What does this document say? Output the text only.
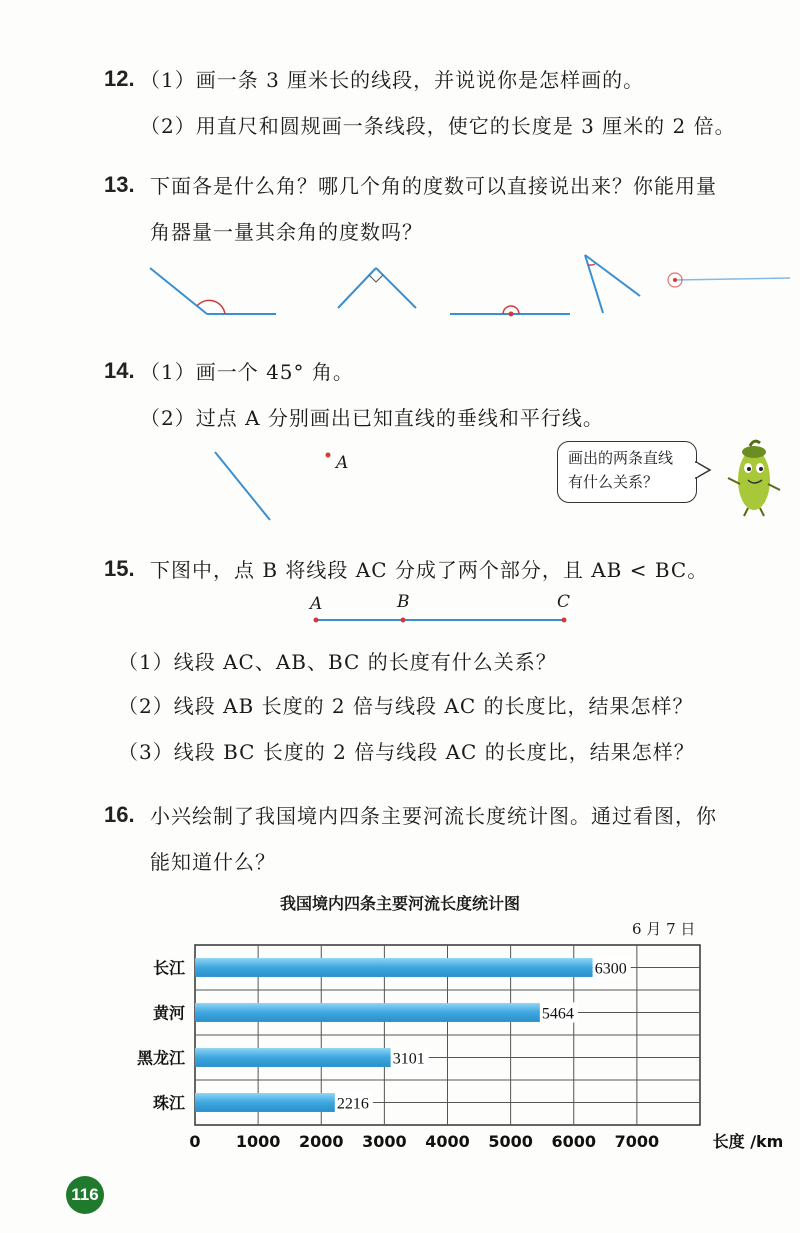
12. （1）画一条 3 厘米长的线段，并说说你是怎样画的。
（2）用直尺和圆规画一条线段，使它的长度是 3 厘米的 2 倍。
13. 下面各是什么角？哪几个角的度数可以直接说出来？你能用量
角器量一量其余角的度数吗？
14. （1）画一个 45° 角。
（2）过点 A 分别画出已知直线的垂线和平行线。
A	画出的两条直线
有什么关系？
15. 下图中，点 B 将线段 AC 分成了两个部分，且 AB < BC。
A	B	C
（1）线段 AC、AB、BC 的长度有什么关系？
（2）线段 AB 长度的 2 倍与线段 AC 的长度比，结果怎样？
（3）线段 BC 长度的 2 倍与线段 AC 的长度比，结果怎样？
16. 小兴绘制了我国境内四条主要河流长度统计图。通过看图，你
能知道什么？
我国境内四条主要河流长度统计图
6 月 7 日
6300
长江
5464
黄河
3101
黑龙江
2216
珠江
0 1000 2000 3000 4000 5000 6000 7000	长度 /km
116
